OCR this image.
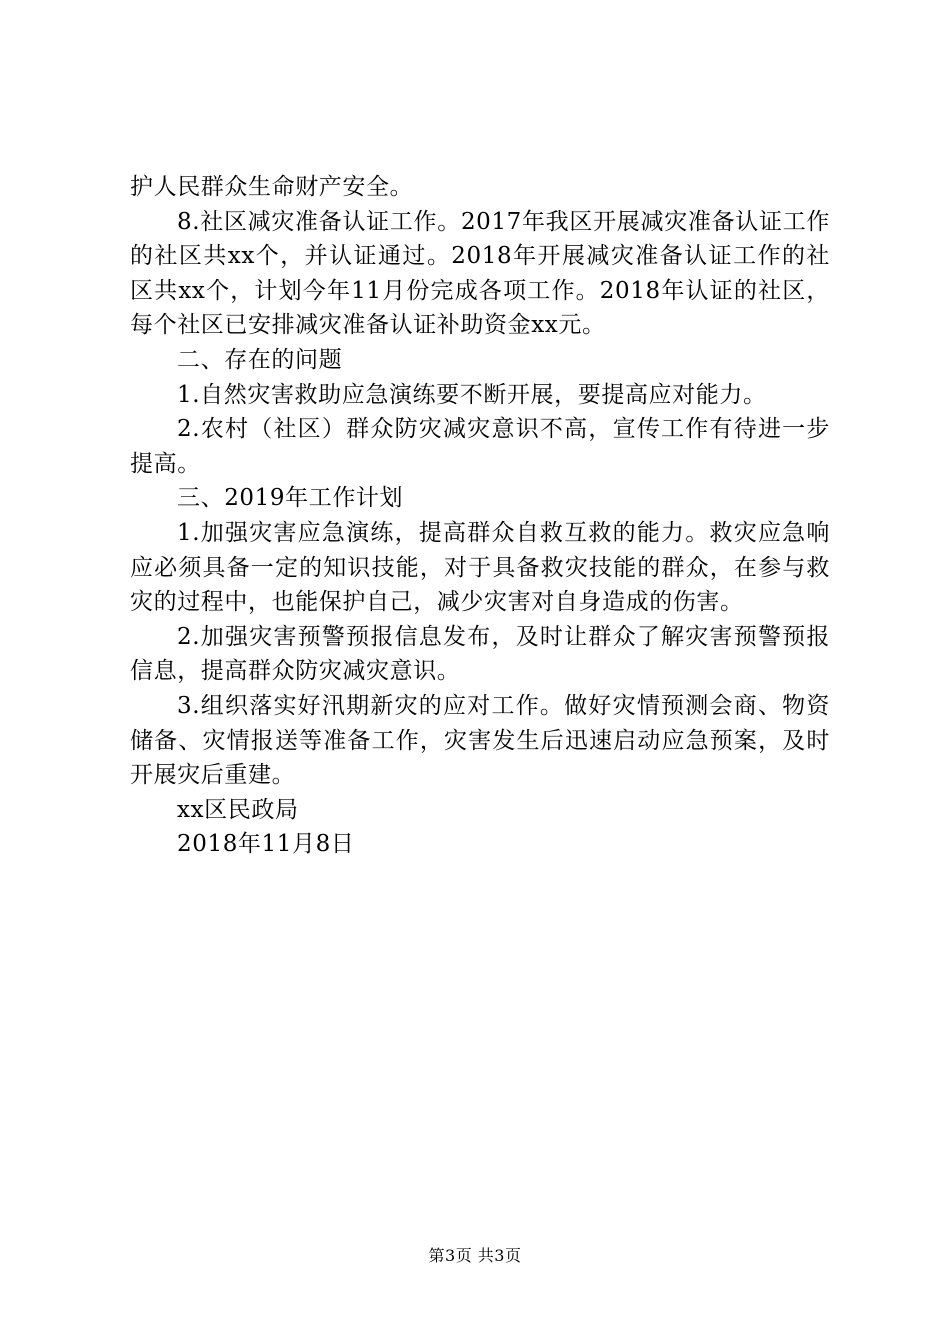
护人民群众生命财产安全。

8.社区减灾准备认证工作。2017年我区开展减灾准备认证工作的社区共xx个，并认证通过。2018年开展减灾准备认证工作的社区共xx个，计划今年11月份完成各项工作。2018年认证的社区，每个社区已安排减灾准备认证补助资金xx元。

二、存在的问题

1.自然灾害救助应急演练要不断开展，要提高应对能力。

2.农村（社区）群众防灾减灾意识不高，宣传工作有待进一步提高。

三、2019年工作计划

1.加强灾害应急演练，提高群众自救互救的能力。救灾应急响应必须具备一定的知识技能，对于具备救灾技能的群众，在参与救灾的过程中，也能保护自己，减少灾害对自身造成的伤害。

2.加强灾害预警预报信息发布，及时让群众了解灾害预警预报信息，提高群众防灾减灾意识。

3.组织落实好汛期新灾的应对工作。做好灾情预测会商、物资储备、灾情报送等准备工作，灾害发生后迅速启动应急预案，及时开展灾后重建。

xx区民政局

2018年11月8日

第3页 共3页
